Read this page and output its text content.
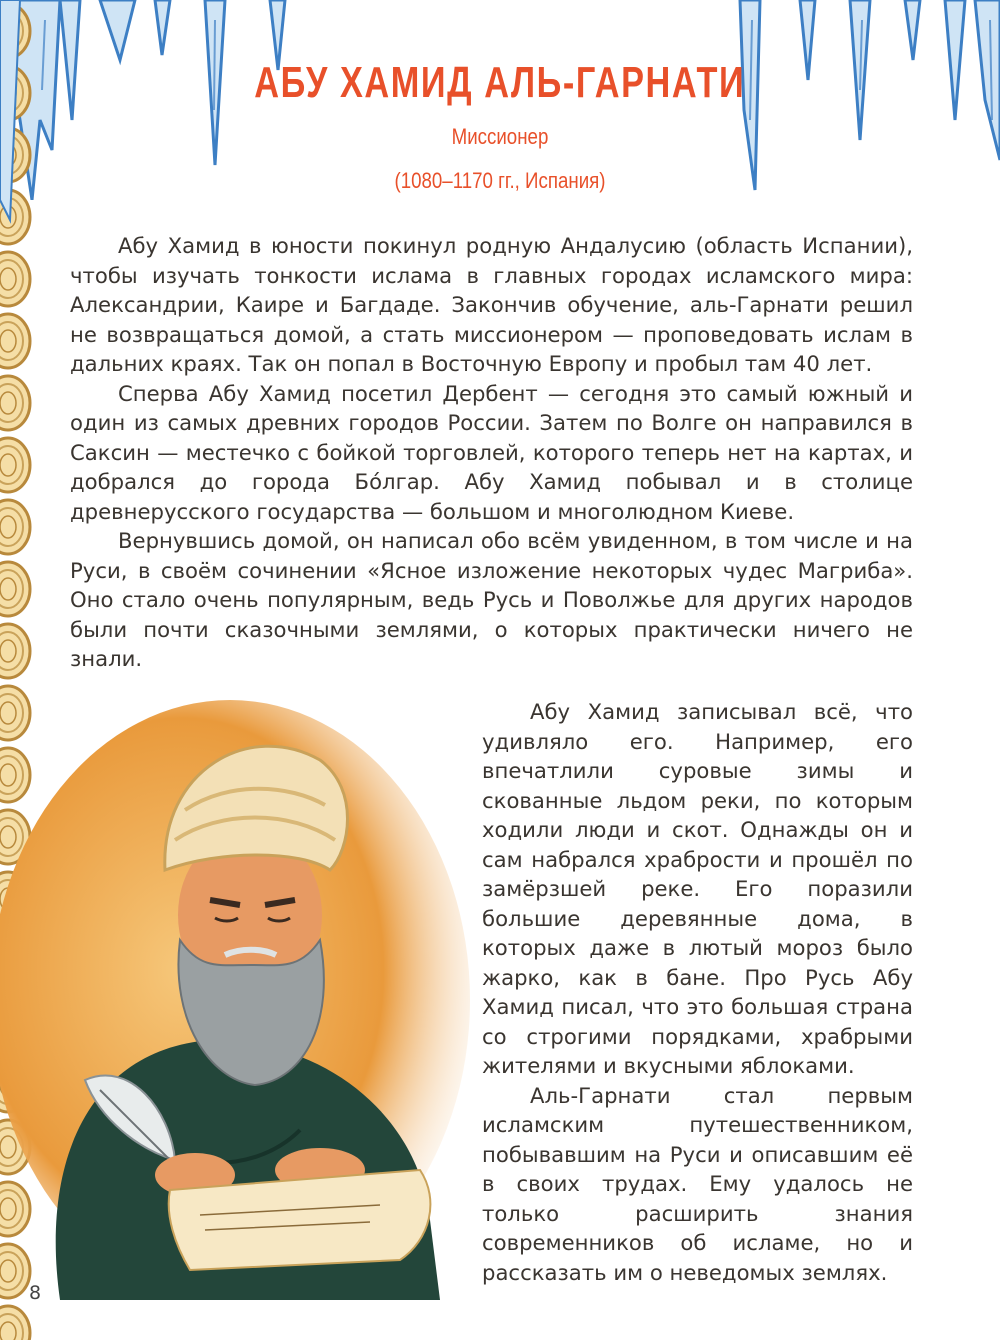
АБУ ХАМИД АЛЬ-ГАРНАТИ
Миссионер
(1080–1170 гг., Испания)

Абу Хамид в юности покинул родную Андалусию (область Испании), чтобы изучать тонкости ислама в главных городах исламского мира: Александрии, Каире и Багдаде. Закончив обучение, аль-Гарнати решил не возвращаться домой, а стать миссионером — проповедовать ислам в дальних краях. Так он попал в Восточную Европу и пробыл там 40 лет.

Сперва Абу Хамид посетил Дербент — сегодня это самый южный и один из самых древних городов России. Затем по Волге он направился в Саксин — местечко с бойкой торговлей, которого теперь нет на картах, и добрался до города Бо́лгар. Абу Хамид побывал и в столице древнерусского государства — большом и многолюдном Киеве.

Вернувшись домой, он написал обо всём увиденном, в том числе и на Руси, в своём сочинении «Ясное изложение некоторых чудес Магриба». Оно стало очень популярным, ведь Русь и Поволжье для других народов были почти сказочными землями, о которых практически ничего не знали.

Абу Хамид записывал всё, что удивляло его. Например, его впечатлили суровые зимы и скованные льдом реки, по которым ходили люди и скот. Однажды он и сам набрался храбрости и прошёл по замёрзшей реке. Его поразили большие деревянные дома, в которых даже в лютый мороз было жарко, как в бане. Про Русь Абу Хамид писал, что это большая страна со строгими порядками, храбрыми жителями и вкусными яблоками.

Аль-Гарнати стал первым исламским путешественником, побывавшим на Руси и описавшим её в своих трудах. Ему удалось не только расширить знания современников об исламе, но и рассказать им о неведомых землях.

8
